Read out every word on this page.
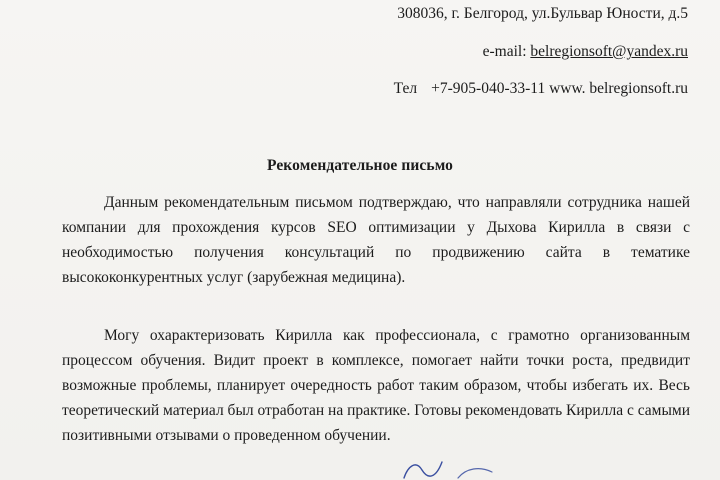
308036, г. Белгород, ул.Бульвар Юности, д.5

e-mail: belregionsoft@yandex.ru

Тел +7-905-040-33-11 www. belregionsoft.ru

Рекомендательное письмо

Данным рекомендательным письмом подтверждаю, что направляли сотрудника нашей компании для прохождения курсов SEO оптимизации у Дыхова Кирилла в связи с необходимостью получения консультаций по продвижению сайта в тематике высококонкурентных услуг (зарубежная медицина).

Могу охарактеризовать Кирилла как профессионала, с грамотно организованным процессом обучения. Видит проект в комплексе, помогает найти точки роста, предвидит возможные проблемы, планирует очередность работ таким образом, чтобы избегать их. Весь теоретический материал был отработан на практике. Готовы рекомендовать Кирилла с самыми позитивными отзывами о проведенном обучении.
